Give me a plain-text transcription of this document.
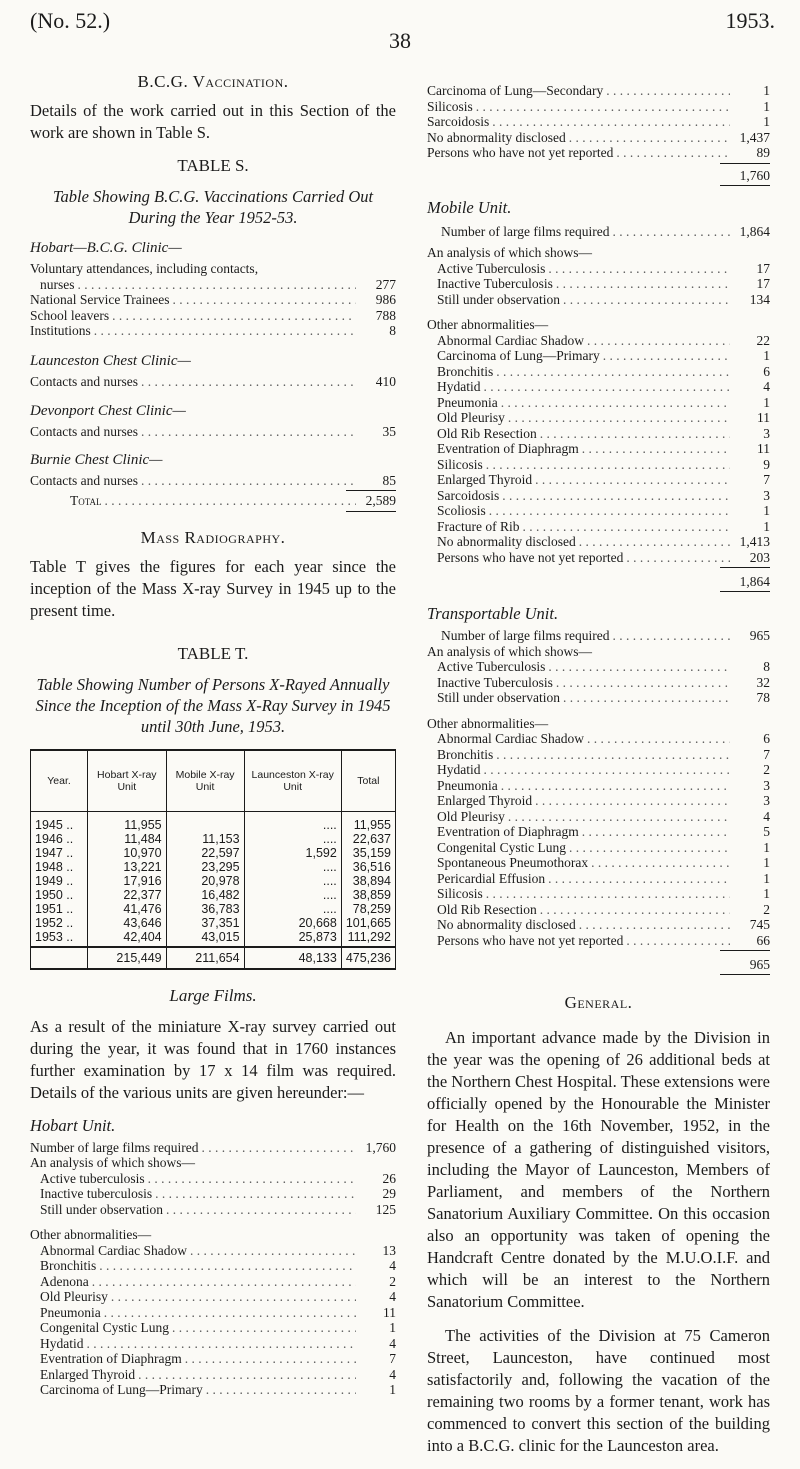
(No. 52.)
38
1953.
B.C.G. Vaccination.

Details of the work carried out in this Section of the work are shown in Table S.

TABLE S.
Table Showing B.C.G. Vaccinations Carried Out During the Year 1952-53.
Hobart—B.C.G. Clinic—
Voluntary attendances, including contacts,
nurses . . .	277
National Service Trainees . . .	986
School leavers . . .	788
Institutions . . .	8
Launceston Chest Clinic—
Contacts and nurses . . .	410
Devonport Chest Clinic—
Contacts and nurses . . .	35
Burnie Chest Clinic—
Contacts and nurses . . .	85
Total . . .	2,589
Mass Radiography.

Table T gives the figures for each year since the inception of the Mass X-ray Survey in 1945 up to the present time.

TABLE T.
Table Showing Number of Persons X-Rayed Annually Since the Inception of the Mass X-Ray Survey in 1945 until 30th June, 1953.
Year.	Hobart X-ray Unit	Mobile X-ray Unit	Launceston X-ray Unit	Total
1945 ..	11,955		....	11,955
1946 ..	11,484	11,153	....	22,637
1947 ..	10,970	22,597	1,592	35,159
1948 ..	13,221	23,295	....	36,516
1949 ..	17,916	20,978	....	38,894
1950 ..	22,377	16,482	....	38,859
1951 ..	41,476	36,783	....	78,259
1952 ..	43,646	37,351	20,668	101,665
1953 ..	42,404	43,015	25,873	111,292
	215,449	211,654	48,133	475,236
Large Films.

As a result of the miniature X-ray survey carried out during the year, it was found that in 1760 instances further examination by 17 x 14 film was required. Details of the various units are given hereunder:—

Hobart Unit.
Number of large films required . . .	1,760
An analysis of which shows—
Active tuberculosis . . .	26
Inactive tuberculosis . . .	29
Still under observation . . .	125
Other abnormalities—
Abnormal Cardiac Shadow . . .	13
Bronchitis . . .	4
Adenona . . .	2
Old Pleurisy . . .	4
Pneumonia . . .	11
Congenital Cystic Lung . . .	1
Hydatid . . .	4
Eventration of Diaphragm . . .	7
Enlarged Thyroid . . .	4
Carcinoma of Lung—Primary . . .	1
Carcinoma of Lung—Secondary . . .	1
Silicosis . . .	1
Sarcoidosis . . .	1
No abnormality disclosed . . .	1,437
Persons who have not yet reported . . .	89
1,760
Mobile Unit.
Number of large films required . . .	1,864
An analysis of which shows—
Active Tuberculosis . . .	17
Inactive Tuberculosis . . .	17
Still under observation . . .	134
Other abnormalities—
Abnormal Cardiac Shadow . . .	22
Carcinoma of Lung—Primary . . .	1
Bronchitis . . .	6
Hydatid . . .	4
Pneumonia . . .	1
Old Pleurisy . . .	11
Old Rib Resection . . .	3
Eventration of Diaphragm . . .	11
Silicosis . . .	9
Enlarged Thyroid . . .	7
Sarcoidosis . . .	3
Scoliosis . . .	1
Fracture of Rib . . .	1
No abnormality disclosed . . .	1,413
Persons who have not yet reported . . .	203
1,864
Transportable Unit.
Number of large films required . . .	965
An analysis of which shows—
Active Tuberculosis . . .	8
Inactive Tuberculosis . . .	32
Still under observation . . .	78
Other abnormalities—
Abnormal Cardiac Shadow . . .	6
Bronchitis . . .	7
Hydatid . . .	2
Pneumonia . . .	3
Enlarged Thyroid . . .	3
Old Pleurisy . . .	4
Eventration of Diaphragm . . .	5
Congenital Cystic Lung . . .	1
Spontaneous Pneumothorax . . .	1
Pericardial Effusion . . .	1
Silicosis . . .	1
Old Rib Resection . . .	2
No abnormality disclosed . . .	745
Persons who have not yet reported . . .	66
965
General.

An important advance made by the Division in the year was the opening of 26 additional beds at the Northern Chest Hospital. These extensions were officially opened by the Honourable the Minister for Health on the 16th November, 1952, in the presence of a gathering of distinguished visitors, including the Mayor of Launceston, Members of Parliament, and members of the Northern Sanatorium Auxiliary Committee. On this occasion also an opportunity was taken of opening the Handcraft Centre donated by the M.U.O.I.F. and which will be an interest to the Northern Sanatorium Committee.

The activities of the Division at 75 Cameron Street, Launceston, have continued most satisfactorily and, following the vacation of the remaining two rooms by a former tenant, work has commenced to convert this section of the building into a B.C.G. clinic for the Launceston area.
